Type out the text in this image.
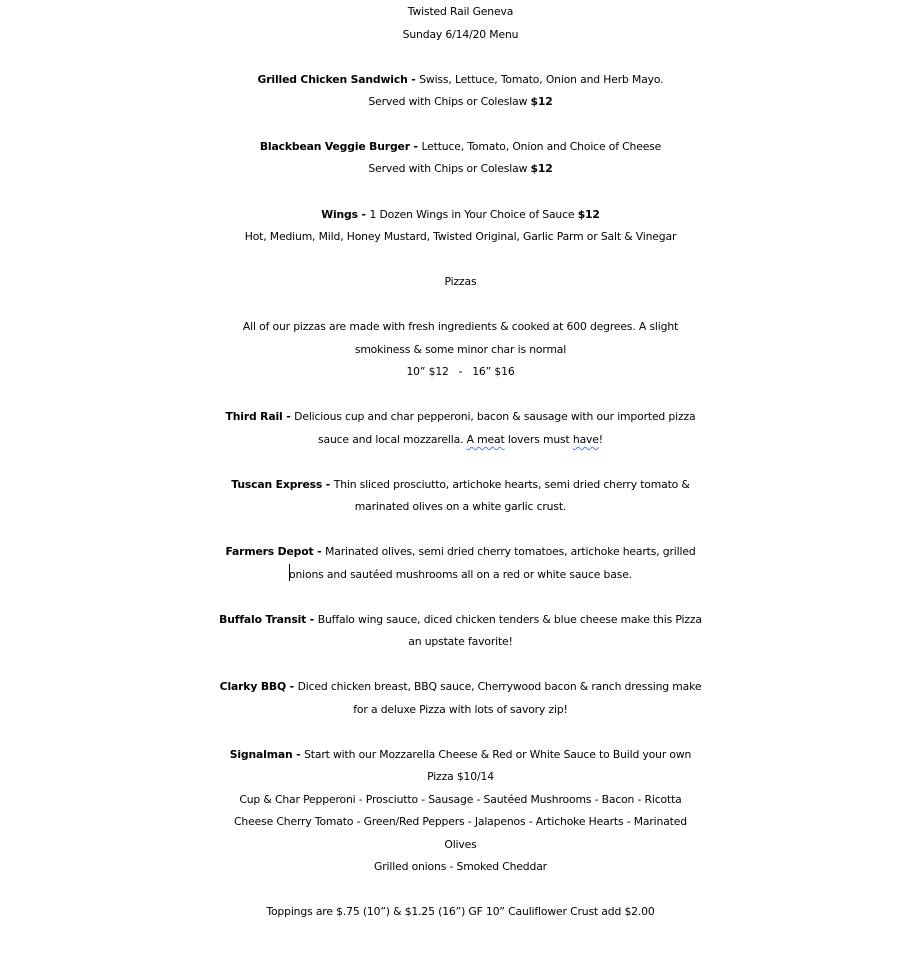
Twisted Rail Geneva
Sunday 6/14/20 Menu
Grilled Chicken Sandwich - Swiss, Lettuce, Tomato, Onion and Herb Mayo.
Served with Chips or Coleslaw $12
Blackbean Veggie Burger - Lettuce, Tomato, Onion and Choice of Cheese
Served with Chips or Coleslaw $12
Wings - 1 Dozen Wings in Your Choice of Sauce $12
Hot, Medium, Mild, Honey Mustard, Twisted Original, Garlic Parm or Salt & Vinegar
Pizzas
All of our pizzas are made with fresh ingredients & cooked at 600 degrees. A slight
smokiness & some minor char is normal
10” $12   -   16” $16
Third Rail - Delicious cup and char pepperoni, bacon & sausage with our imported pizza
sauce and local mozzarella. A meat lovers must have!
Tuscan Express - Thin sliced prosciutto, artichoke hearts, semi dried cherry tomato &
marinated olives on a white garlic crust.
Farmers Depot - Marinated olives, semi dried cherry tomatoes, artichoke hearts, grilled
onions and sautéed mushrooms all on a red or white sauce base.
Buffalo Transit - Buffalo wing sauce, diced chicken tenders & blue cheese make this Pizza
an upstate favorite!
Clarky BBQ - Diced chicken breast, BBQ sauce, Cherrywood bacon & ranch dressing make
for a deluxe Pizza with lots of savory zip!
Signalman - Start with our Mozzarella Cheese & Red or White Sauce to Build your own
Pizza $10/14
Cup & Char Pepperoni - Prosciutto - Sausage - Sautéed Mushrooms - Bacon - Ricotta
Cheese Cherry Tomato - Green/Red Peppers - Jalapenos - Artichoke Hearts - Marinated
Olives
Grilled onions - Smoked Cheddar
Toppings are $.75 (10”) & $1.25 (16”) GF 10” Cauliflower Crust add $2.00
